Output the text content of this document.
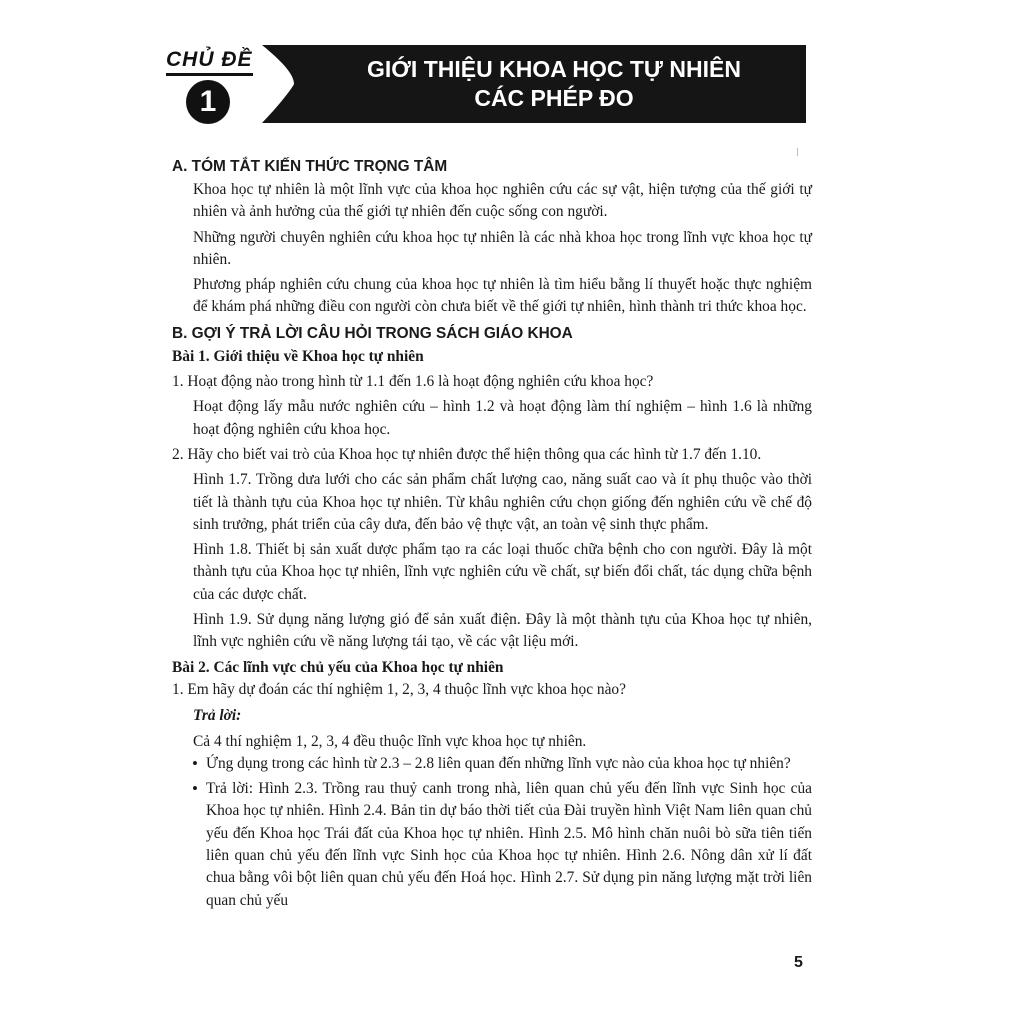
CHỦ ĐỀ
1
GIỚI THIỆU KHOA HỌC TỰ NHIÊN
CÁC PHÉP ĐO

A. TÓM TẮT KIẾN THỨC TRỌNG TÂM

Khoa học tự nhiên là một lĩnh vực của khoa học nghiên cứu các sự vật, hiện tượng của thế giới tự nhiên và ảnh hưởng của thế giới tự nhiên đến cuộc sống con người.

Những người chuyên nghiên cứu khoa học tự nhiên là các nhà khoa học trong lĩnh vực khoa học tự nhiên.

Phương pháp nghiên cứu chung của khoa học tự nhiên là tìm hiểu bằng lí thuyết hoặc thực nghiệm để khám phá những điều con người còn chưa biết về thế giới tự nhiên, hình thành tri thức khoa học.

B. GỢI Ý TRẢ LỜI CÂU HỎI TRONG SÁCH GIÁO KHOA

Bài 1. Giới thiệu về Khoa học tự nhiên

1. Hoạt động nào trong hình từ 1.1 đến 1.6 là hoạt động nghiên cứu khoa học?

Hoạt động lấy mẫu nước nghiên cứu – hình 1.2 và hoạt động làm thí nghiệm – hình 1.6 là những hoạt động nghiên cứu khoa học.

2. Hãy cho biết vai trò của Khoa học tự nhiên được thể hiện thông qua các hình từ 1.7 đến 1.10.

Hình 1.7. Trồng dưa lưới cho các sản phẩm chất lượng cao, năng suất cao và ít phụ thuộc vào thời tiết là thành tựu của Khoa học tự nhiên. Từ khâu nghiên cứu chọn giống đến nghiên cứu về chế độ sinh trưởng, phát triển của cây dưa, đến bảo vệ thực vật, an toàn vệ sinh thực phẩm.

Hình 1.8. Thiết bị sản xuất dược phẩm tạo ra các loại thuốc chữa bệnh cho con người. Đây là một thành tựu của Khoa học tự nhiên, lĩnh vực nghiên cứu về chất, sự biến đổi chất, tác dụng chữa bệnh của các dược chất.

Hình 1.9. Sử dụng năng lượng gió để sản xuất điện. Đây là một thành tựu của Khoa học tự nhiên, lĩnh vực nghiên cứu về năng lượng tái tạo, về các vật liệu mới.

Bài 2. Các lĩnh vực chủ yếu của Khoa học tự nhiên

1. Em hãy dự đoán các thí nghiệm 1, 2, 3, 4 thuộc lĩnh vực khoa học nào?

Trả lời:

Cả 4 thí nghiệm 1, 2, 3, 4 đều thuộc lĩnh vực khoa học tự nhiên.

• Ứng dụng trong các hình từ 2.3 – 2.8 liên quan đến những lĩnh vực nào của khoa học tự nhiên?

• Trả lời: Hình 2.3. Trồng rau thuỷ canh trong nhà, liên quan chủ yếu đến lĩnh vực Sinh học của Khoa học tự nhiên. Hình 2.4. Bản tin dự báo thời tiết của Đài truyền hình Việt Nam liên quan chủ yếu đến Khoa học Trái đất của Khoa học tự nhiên. Hình 2.5. Mô hình chăn nuôi bò sữa tiên tiến liên quan chủ yếu đến lĩnh vực Sinh học của Khoa học tự nhiên. Hình 2.6. Nông dân xử lí đất chua bằng vôi bột liên quan chủ yếu đến Hoá học. Hình 2.7. Sử dụng pin năng lượng mặt trời liên quan chủ yếu

5
